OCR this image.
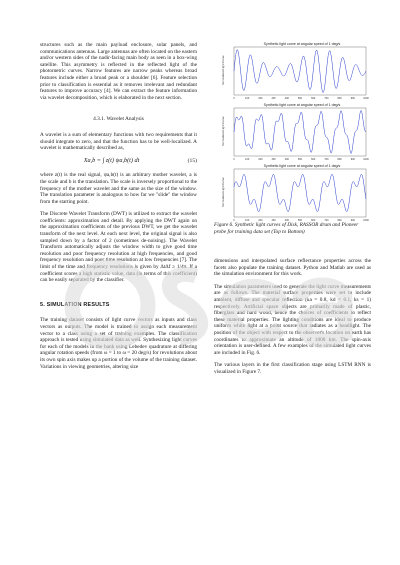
structures such as the main payload enclosure, solar panels, and communications antennas. Large antennas are often located on the eastern and/or western sides of the nadir-facing main body as seen in a box-wing satellite. This asymmetry is reflected in the reflected light of the photometric curves. Narrow features are narrow peaks whereas broad features include either a broad peak or a shoulder [6]. Feature selection prior to classification is essential as it removes irrelevant and redundant features to improve accuracy [4]. We can extract the feature information via wavelet decomposition, which is elaborated in the next section.

4.3.1. Wavelet Analysis

A wavelet is a sum of elementary functions with two requirements that it should integrate to zero, and that the function has to be well-localized. A wavelet is mathematically described as,

Xa,b = ∫ z(t) ψa,b(t) dt	(15)

where z(t) is the real signal, ψa,b(t) is an arbitrary mother wavelet, a is the scale and b is the translation. The scale is inversely proportional to the frequency of the mother wavelet and the same as the size of the window. The translation parameter is analogous to how far we "slide" the window from the starting point.

The Discrete Wavelet Transform (DWT) is utilized to extract the wavelet coefficients: approximation and detail. By applying the DWT again on the approximation coefficients of the previous DWT, we get the wavelet transform of the next level. At each next level, the original signal is also sampled down by a factor of 2 (sometimes de-noising). The Wavelet Transform automatically adjusts the window width to give good time resolution and poor frequency resolution at high frequencies, and good frequency resolution and poor time resolution at low frequencies [7]. The limit of the time and frequency resolutions is given by ΔtΔf ≥ 1/4π. If a coefficient scores a high statistic value, data (in terms of this coefficient) can be easily separated by the classifier.

5. SIMULATION RESULTS

The training dataset consists of light curve vectors as inputs and class vectors as outputs. The model is trained to assign each measurement vector to a class using a set of training examples. The classification approach is tested using simulated data as well. Synthesizing light curves for each of the models in the bank using Lebedev quadrature at differing angular rotation speeds (from ω = 1 to ω = 20 deg/s) for revolutions about its own spin axis makes up a portion of the volume of the training dataset. Variations in viewing geometries, altering size

Synthetic light curve at angular speed of 1 deg/s
Normalized Light Curve
0	100	200	300	400	500	600	700	800	900	1000
Synthetic light curve at angular speed of 1 deg/s
Normalized Light Curve
0	100	200	300	400	500	600	700	800	900	1000
Synthetic light curve at angular speed of 1 deg/s
Normalized Light Curve
0	100	200	300	400	500	600	700	800	900	1000
Figure 6. Synthetic light curves of Disk, RASSOR drum and Pioneer probe for training data set (Top to Bottom)

dimensions and interpolated surface reflectance properties across the facets also populate the training dataset. Python and Matlab are used as the simulation environment for this work.

The simulation parameters used to generate the light curve measurements are as follows. The material surface properties were set to include ambient, diffuse and specular reflection (ka = 0.8, kd = 0.1, ks = 1) respectively. Artificial space objects are primarily made of plastic, fiberglass and hard wood, hence the choices of coefficients to reflect these material properties. The lighting conditions are ideal to produce uniform white light at a point source that radiates as a headlight. The position of the object with respect to the observer's location on earth has coordinates to approximate an altitude of 1000 km. The spin-axis orientation is user-defined. A few examples of the simulated light curves are included in Fig. 6.

The various layers in the first classification stage using LSTM RNN is visualized in Figure 7.
